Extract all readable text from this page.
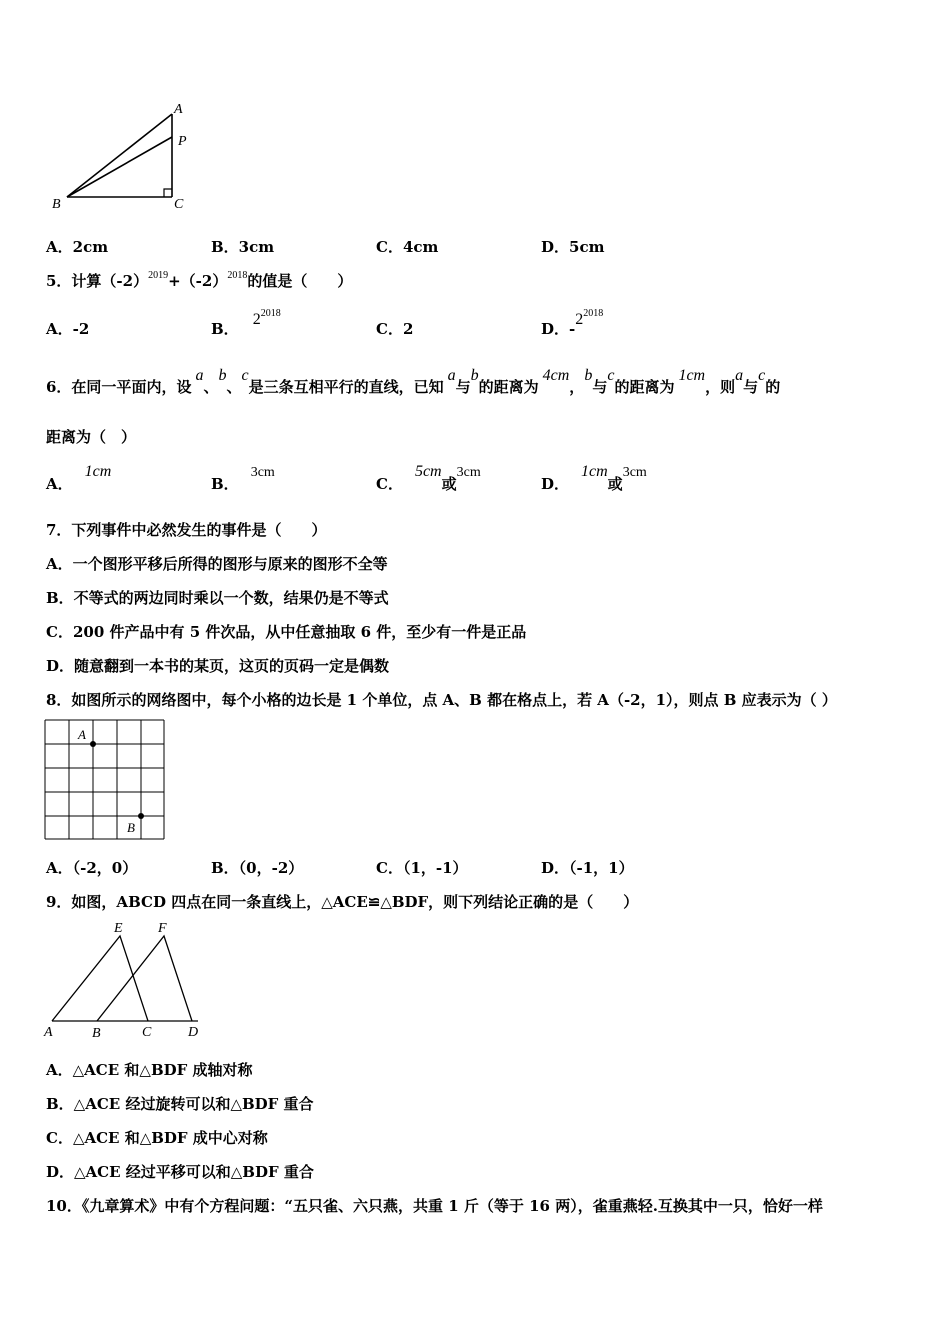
A
P
B	C
A．2cm	B．3cm	C．4cm	D．5cm
5．计算$(-2)^{2019}+(-2)^{2018}$的值是（　　）
A．-2	B．$2^{2018}$
C．2	D．$-2^{2018}$
6．在同一平面内，设a、b、c是三条互相平行的直线，已知a与b的距离为4cm，b与c的距离为1cm，则a与c的
距离为（　）
A．1cm
B．3cm
C．5cm或3cm
D．1cm或3cm
7．下列事件中必然发生的事件是（　　）
A．一个图形平移后所得的图形与原来的图形不全等
B．不等式的两边同时乘以一个数，结果仍是不等式
C．200 件产品中有 5 件次品，从中任意抽取 6 件，至少有一件是正品
D．随意翻到一本书的某页，这页的页码一定是偶数
8．如图所示的网络图中，每个小格的边长是 1 个单位，点 A、B 都在格点上，若 A（-2，1），则点 B 应表示为（ ）
A
B
A．（-2，0）	B．（0，-2）	C．（1，-1）	D．（-1，1）
9．如图，ABCD 四点在同一条直线上，△ACE≌△BDF，则下列结论正确的是（　　）
E	F
A	B	C	D
A．△ACE 和△BDF 成轴对称
B．△ACE 经过旋转可以和△BDF 重合
C．△ACE 和△BDF 成中心对称
D．△ACE 经过平移可以和△BDF 重合
10．《九章算术》中有个方程问题：“五只雀、六只燕，共重 1 斤（等于 16 两），雀重燕轻.互换其中一只，恰好一样
